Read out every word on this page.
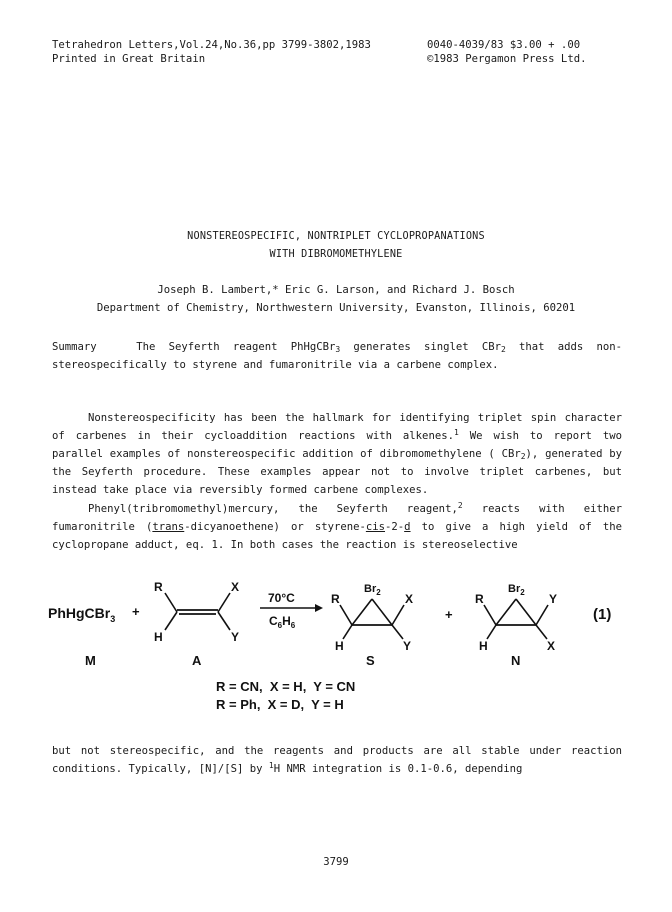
Tetrahedron Letters,Vol.24,No.36,pp 3799-3802,1983
Printed in Great Britain
0040-4039/83 $3.00 + .00
©1983 Pergamon Press Ltd.
NONSTEREOSPECIFIC, NONTRIPLET CYCLOPROPANATIONS
WITH DIBROMOMETHYLENE
Joseph B. Lambert,* Eric G. Larson, and Richard J. Bosch
Department of Chemistry, Northwestern University, Evanston, Illinois, 60201
Summary	The Seyferth reagent PhHgCBr$_3$ generates singlet CBr$_2$ that adds non-stereospecifically to styrene and fumaronitrile via a carbene complex.
Nonstereospecificity has been the hallmark for identifying triplet spin character of carbenes in their cycloaddition reactions with alkenes.$^1$ We wish to report two parallel examples of nonstereospecific addition of dibromomethylene ( CBr$_2$), generated by the Seyferth procedure. These examples appear not to involve triplet carbenes, but instead take place via reversibly formed carbene complexes.
Phenyl(tribromomethyl)mercury, the Seyferth reagent,$^2$ reacts with either fumaronitrile (trans-dicyanoethene) or styrene-cis-2-d to give a high yield of the cyclopropane adduct, eq. 1. In both cases the reaction is stereoselective
PhHgCBr$_3$ +
M
R	X
H	Y
A
70°C
$C_6H_6$
$Br_2$
R	X
H	Y
S
+
$Br_2$
R	Y
H	X
N
(1)
R = CN,  X = H,  Y = CN
R = Ph,  X = D,  Y = H
but not stereospecific, and the reagents and products are all stable under reaction conditions. Typically, [N]/[S] by $^1$H NMR integration is 0.1-0.6, depending
3799
